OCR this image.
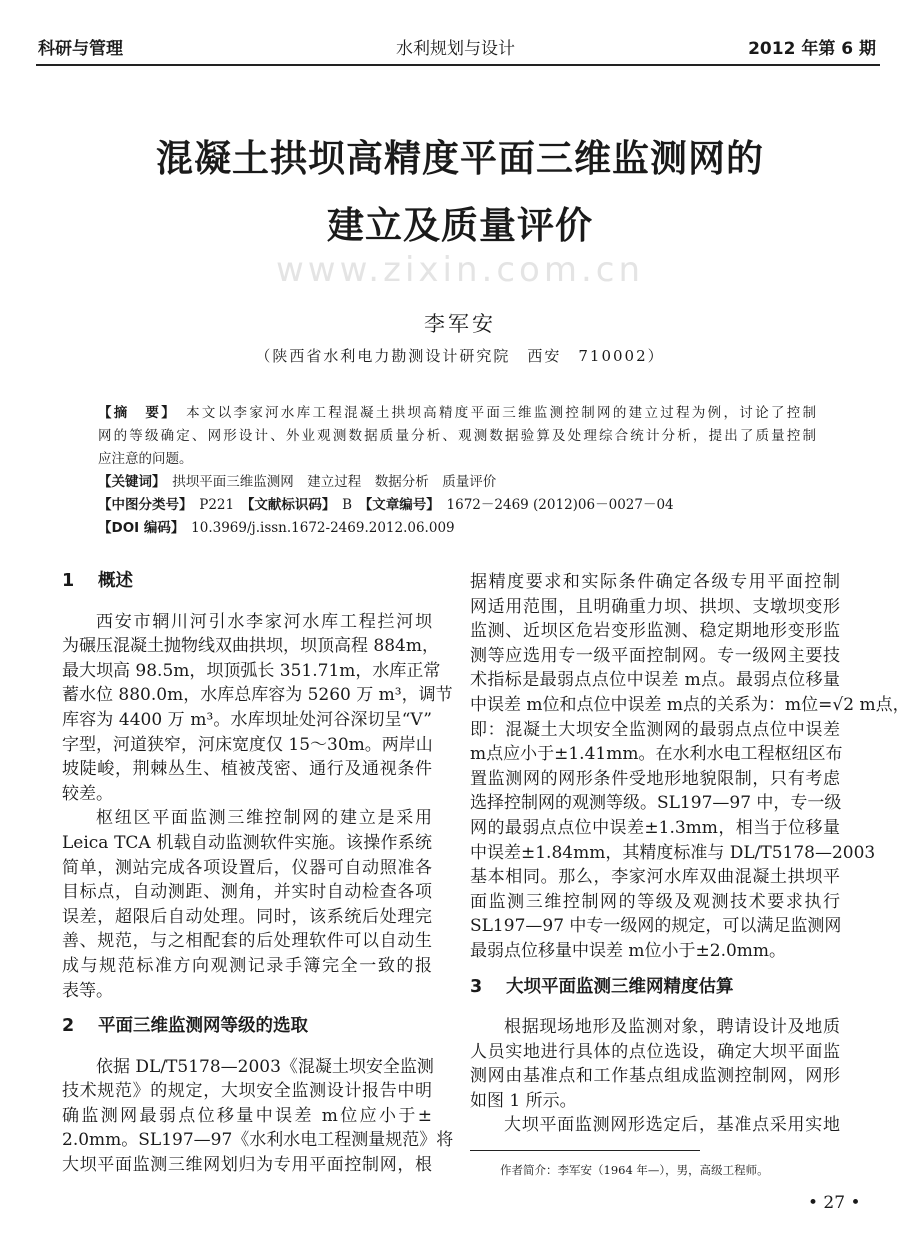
科研与管理	水利规划与设计	2012 年第 6 期
混凝土拱坝高精度平面三维监测网的
建立及质量评价
www.zixin.com.cn
李军安
（陕西省水利电力勘测设计研究院　西安　710002）
【摘　要】　 本文以李家河水库工程混凝土拱坝高精度平面三维监测控制网的建立过程为例，讨论了控制
网的等级确定、网形设计、外业观测数据质量分析、观测数据验算及处理综合统计分析，提出了质量控制
应注意的问题。
【关键词】　 拱坝平面三维监测网　建立过程　数据分析　质量评价
【中图分类号】　 P221　 【文献标识码】　 B　 【文章编号】　 1672－2469 (2012)06－0027－04
【DOI 编码】　 10.3969/j.issn.1672-2469.2012.06.009
1 概述
西安市辋川河引水李家河水库工程拦河坝
为碾压混凝土抛物线双曲拱坝，坝顶高程 884m，
最大坝高 98.5m，坝顶弧长 351.71m，水库正常
蓄水位 880.0m，水库总库容为 5260 万 m³，调节
库容为 4400 万 m³。水库坝址处河谷深切呈“V”
字型，河道狭窄，河床宽度仅 15～30m。两岸山
坡陡峻，荆棘丛生、植被茂密、通行及通视条件
较差。
枢纽区平面监测三维控制网的建立是采用
Leica TCA 机载自动监测软件实施。该操作系统
简单，测站完成各项设置后，仪器可自动照准各
目标点，自动测距、测角，并实时自动检查各项
误差，超限后自动处理。同时，该系统后处理完
善、规范，与之相配套的后处理软件可以自动生
成与规范标准方向观测记录手簿完全一致的报
表等。
2 平面三维监测网等级的选取
依据 DL/T5178—2003《混凝土坝安全监测
技术规范》的规定，大坝安全监测设计报告中明
确监测网最弱点位移量中误差 m位应小于±
2.0mm。SL197—97《水利水电工程测量规范》将
大坝平面监测三维网划归为专用平面控制网，根
据精度要求和实际条件确定各级专用平面控制
网适用范围，且明确重力坝、拱坝、支墩坝变形
监测、近坝区危岩变形监测、稳定期地形变形监
测等应选用专一级平面控制网。专一级网主要技
术指标是最弱点点位中误差 m点。最弱点位移量
中误差 m位和点位中误差 m点的关系为：m位=√2 m点，
即：混凝土大坝安全监测网的最弱点点位中误差
m点应小于±1.41mm。在水利水电工程枢纽区布
置监测网的网形条件受地形地貌限制，只有考虑
选择控制网的观测等级。SL197—97 中，专一级
网的最弱点点位中误差±1.3mm，相当于位移量
中误差±1.84mm，其精度标准与 DL/T5178—2003
基本相同。那么，李家河水库双曲混凝土拱坝平
面监测三维控制网的等级及观测技术要求执行
SL197—97 中专一级网的规定，可以满足监测网
最弱点位移量中误差 m位小于±2.0mm。
3 大坝平面监测三维网精度估算
根据现场地形及监测对象，聘请设计及地质
人员实地进行具体的点位选设，确定大坝平面监
测网由基准点和工作基点组成监测控制网，网形
如图 1 所示。
大坝平面监测网形选定后，基准点采用实地
作者简介：李军安（1964 年—），男，高级工程师。
• 27 •
